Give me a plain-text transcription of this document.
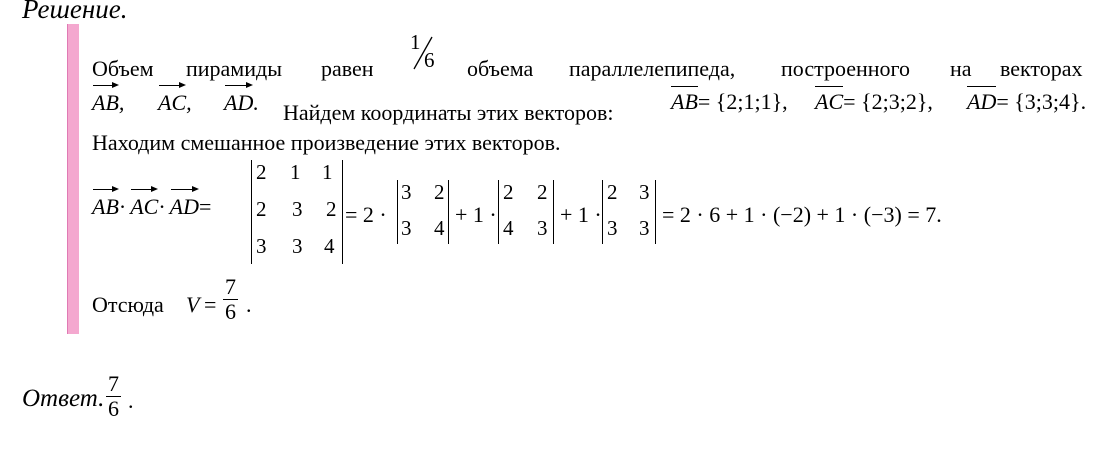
Решение.
Объем пирамиды равен
1
6 объема параллелепипеда, построенного на векторах
AB, AC, AD. Найдем координаты этих векторов:	AB= {2;1;1}, AC= {2;3;2}, AD= {3;3;4}.
Находим смешанное произведение этих векторов.
AB· AC· AD=
2 1 1
2 3 2
3 3 4
= 2 ·
3 2
3 4
+ 1 ·
2 2
4 3
+ 1 ·
2 3
3 3
= 2 · 6 + 1 · (−2) + 1 · (−3) = 7.
Отсюда $V = \frac{7}{6}$ .
Ответ. $\frac{7}{6}$ .
